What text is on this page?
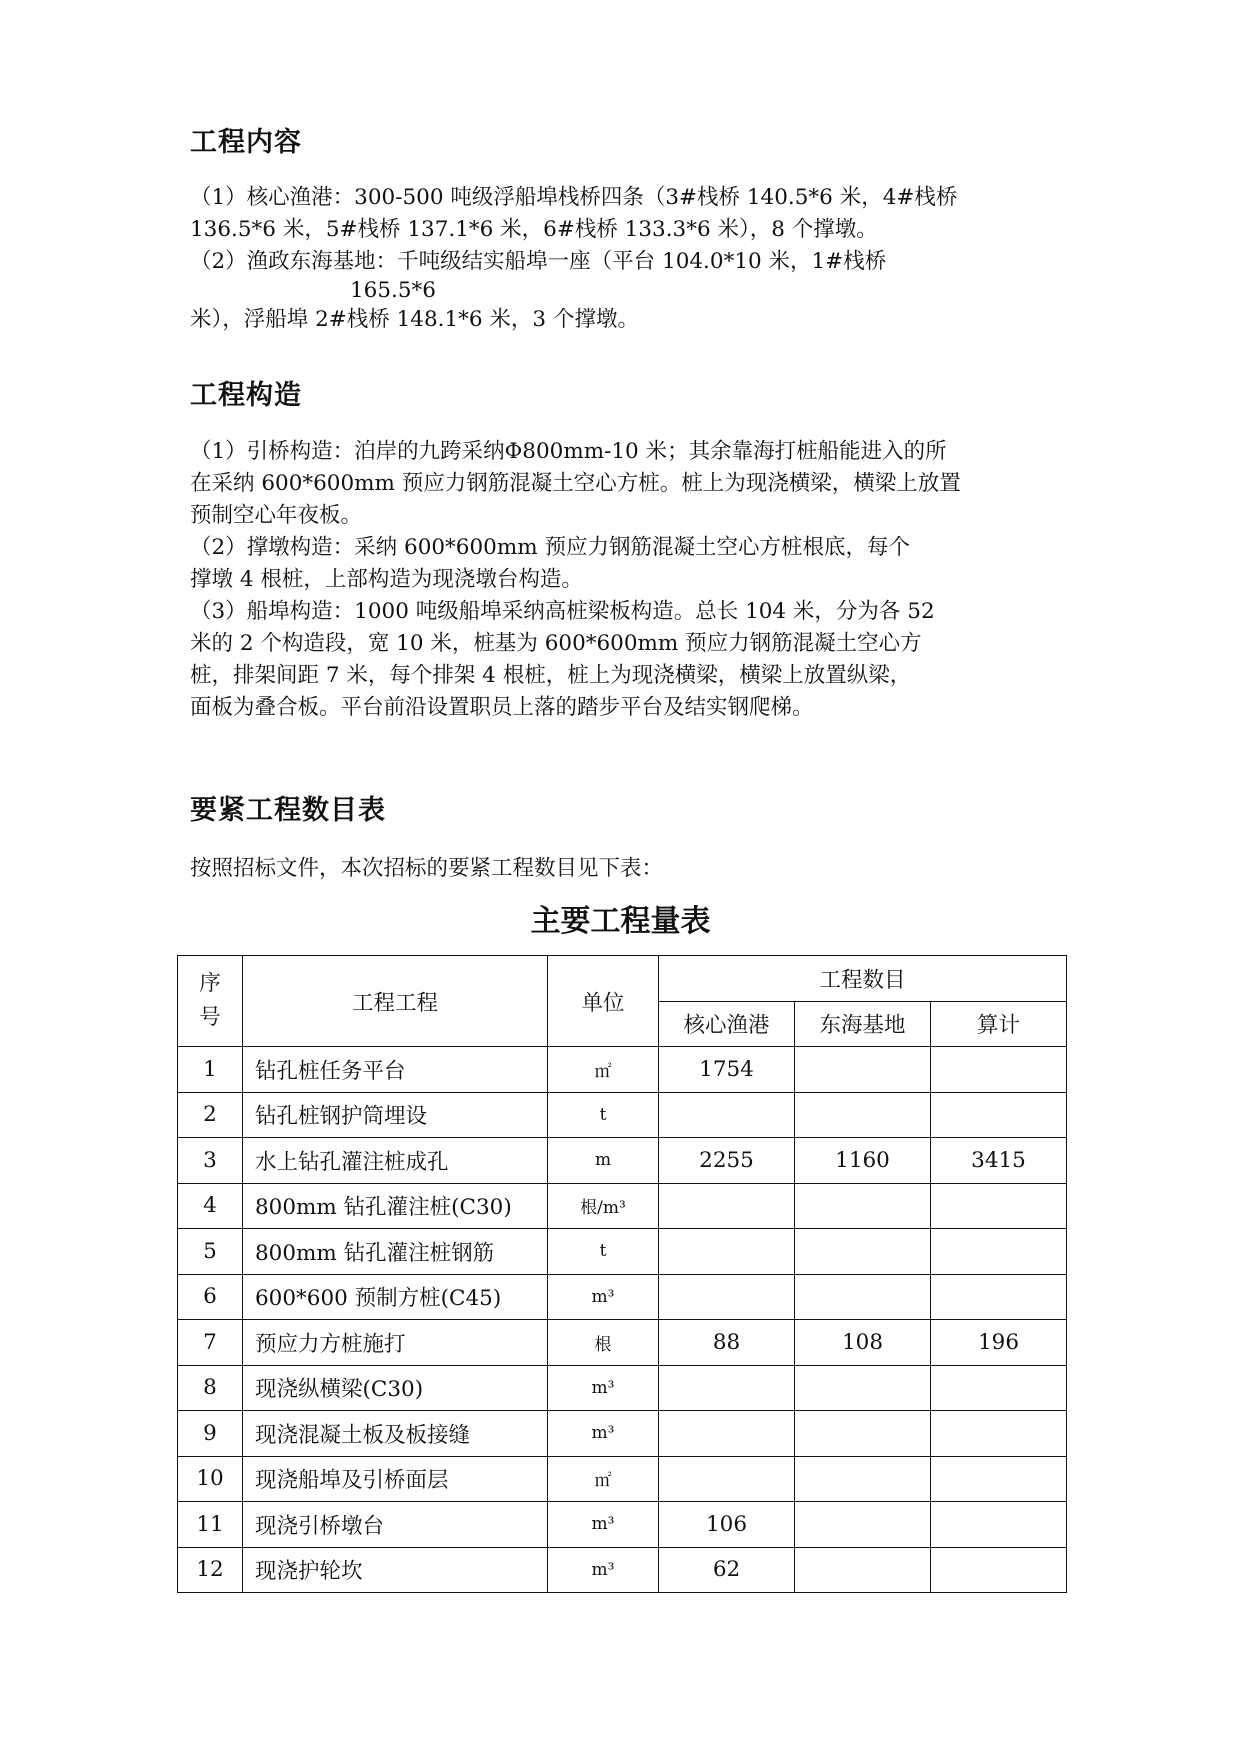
工程内容

（1）核心渔港：300-500 吨级浮船埠栈桥四条（3#栈桥 140.5*6 米，4#栈桥

136.5*6 米，5#栈桥 137.1*6 米，6#栈桥 133.3*6 米），8 个撑墩。

（2）渔政东海基地：千吨级结实船埠一座（平台 104.0*10 米，1#栈桥

165.5*6

米），浮船埠 2#栈桥 148.1*6 米，3 个撑墩。

工程构造

（1）引桥构造：泊岸的九跨采纳Φ800mm-10 米；其余靠海打桩船能进入的所

在采纳 600*600mm 预应力钢筋混凝土空心方桩。桩上为现浇横梁，横梁上放置

预制空心年夜板。

（2）撑墩构造：采纳 600*600mm 预应力钢筋混凝土空心方桩根底，每个

撑墩 4 根桩，上部构造为现浇墩台构造。

（3）船埠构造：1000 吨级船埠采纳高桩梁板构造。总长 104 米，分为各 52

米的 2 个构造段，宽 10 米，桩基为 600*600mm 预应力钢筋混凝土空心方

桩，排架间距 7 米，每个排架 4 根桩，桩上为现浇横梁，横梁上放置纵梁，

面板为叠合板。平台前沿设置职员上落的踏步平台及结实钢爬梯。

要紧工程数目表

按照招标文件，本次招标的要紧工程数目见下表：

主要工程量表
序
号	工程工程	单位	工程数目		
			核心渔港	东海基地	算计
1	钻孔桩任务平台	㎡	1754		
2	钻孔桩钢护筒埋设	t			
3	水上钻孔灌注桩成孔	m	2255	1160	3415
4	800mm 钻孔灌注桩(C30)	根/m³			
5	800mm 钻孔灌注桩钢筋	t			
6	600*600 预制方桩(C45)	m³			
7	预应力方桩施打	根	88	108	196
8	现浇纵横梁(C30)	m³			
9	现浇混凝土板及板接缝	m³			
10	现浇船埠及引桥面层	㎡			
11	现浇引桥墩台	m³	106		
12	现浇护轮坎	m³	62		
